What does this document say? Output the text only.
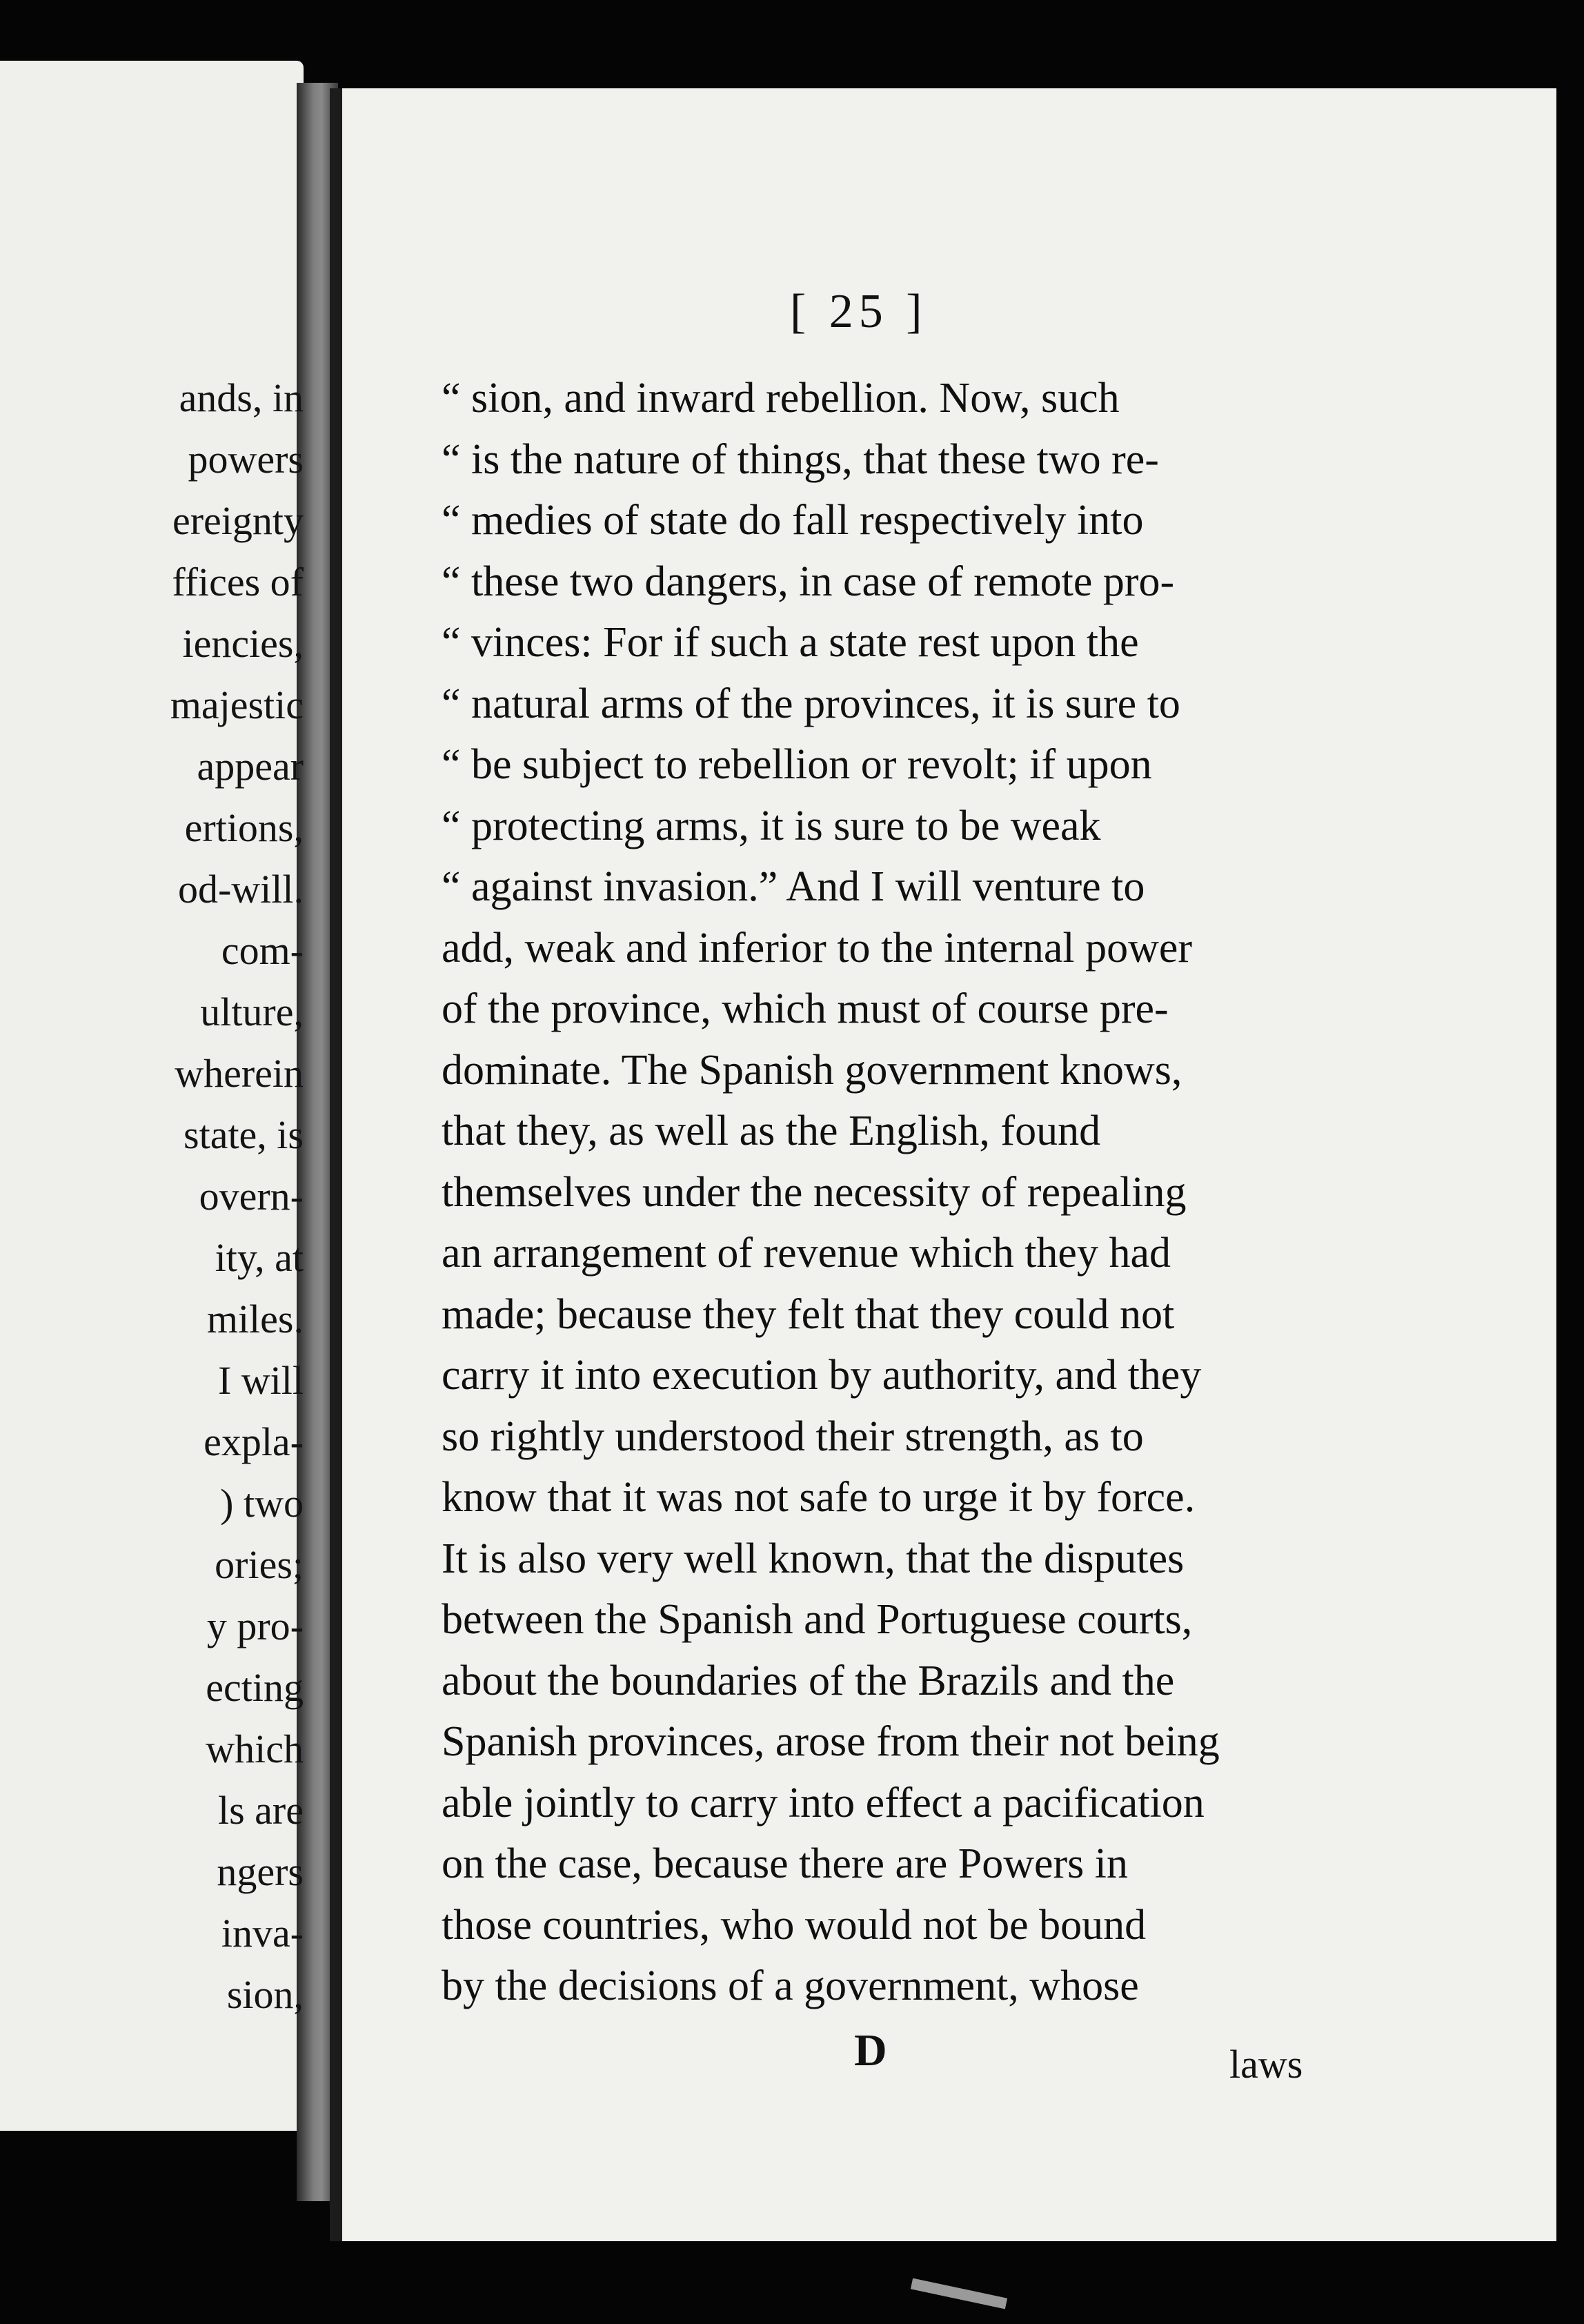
[ 25 ]
“ sion, and inward rebellion. Now, such
“ is the nature of things, that these two re-
“ medies of state do fall respectively into
“ these two dangers, in case of remote pro-
“ vinces: For if such a state rest upon the
“ natural arms of the provinces, it is sure to
“ be subject to rebellion or revolt; if upon
“ protecting arms, it is sure to be weak
“ against invasion.” And I will venture to
add, weak and inferior to the internal power
of the province, which must of course pre-
dominate. The Spanish government knows,
that they, as well as the English, found
themselves under the necessity of repealing
an arrangement of revenue which they had
made; because they felt that they could not
carry it into execution by authority, and they
so rightly understood their strength, as to
know that it was not safe to urge it by force.
It is also very well known, that the disputes
between the Spanish and Portuguese courts,
about the boundaries of the Brazils and the
Spanish provinces, arose from their not being
able jointly to carry into effect a pacification
on the case, because there are Powers in
those countries, who would not be bound
by the decisions of a government, whose
D	laws
ands, in
powers
ereignty
ffices of
iencies,
majestic
appear
ertions,
od-will.
com-
ulture,
wherein
state, is
overn-
ity, at
miles.
I will
expla-
) two
ories;
y pro-
ecting
which
ls are
ngers
inva-
sion,
